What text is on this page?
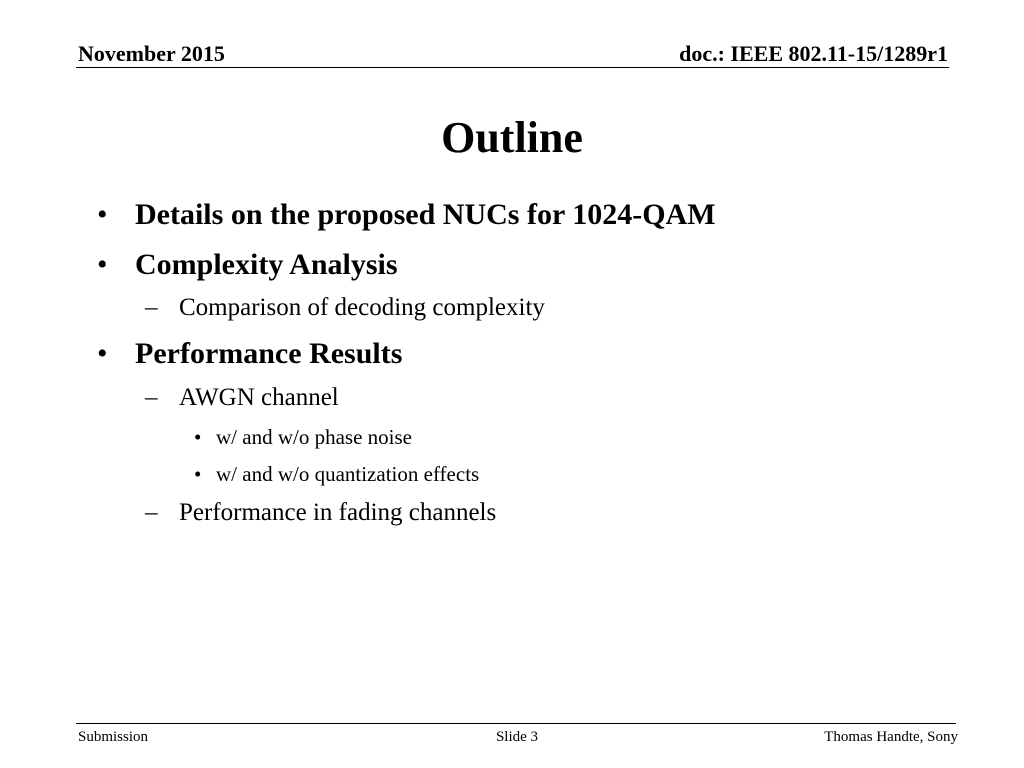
November 2015	doc.: IEEE 802.11-15/1289r1
Outline
• Details on the proposed NUCs for 1024-QAM
• Complexity Analysis
– Comparison of decoding complexity
• Performance Results
– AWGN channel
• w/ and w/o phase noise
• w/ and w/o quantization effects
– Performance in fading channels
Submission	Slide 3	Thomas Handte, Sony
